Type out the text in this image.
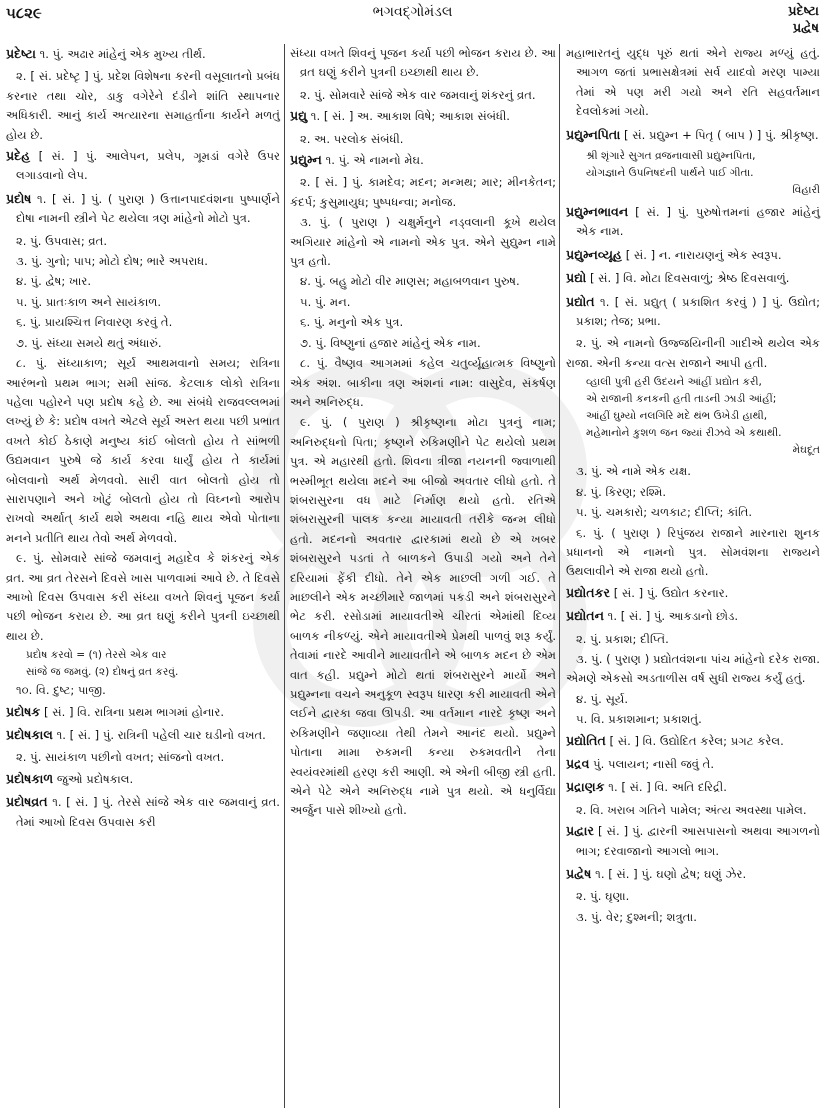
૫૮૨૯	ભગવદ્ગોમંડલ	પ્રદેષ્ટા
પ્રદ્વેષ
પ્રદેષ્ટા ૧. પું. અઢાર માંહેનું એક મુખ્ય તીર્થ.
૨. [ સં. પ્રદેષ્ટૃ ] પું. પ્રદેશ વિશેષના કરની વસૂલાતનો પ્રબંધ કરનાર તથા ચોર, ડાકુ વગેરેને દંડીને શાંતિ સ્થાપનાર અધિકારી. આનું કાર્ય અત્યારના સમાહર્તાના કાર્યને મળતું હોય છે.
પ્રદેહ [ સં. ] પું. આલેપન, પ્રલેપ, ગૂમડાં વગેરે ઉપર લગાડવાનો લેપ.
પ્રદોષ ૧. [ સં. ] પું. ( પુરાણ ) ઉત્તાનપાદવંશના પુષ્પાર્ણને દોષા નામની સ્ત્રીને પેટ થયેલા ત્રણ માંહેનો મોટો પુત્ર.
૨. પું. ઉપવાસ; વ્રત.
૩. પું. ગુનો; પાપ; મોટો દોષ; ભારે અપરાધ.
૪. પું. દ્વેષ; ખાર.
૫. પું. પ્રાતઃકાળ અને સાયંકાળ.
૬. પું. પ્રાયશ્ચિત્ત નિવારણ કરવું તે.
૭. પું. સંધ્યા સમયે થતું અંધારું.
૮. પું. સંધ્યાકાળ; સૂર્ય આથમવાનો સમય; રાત્રિના આરંભનો પ્રથમ ભાગ; સમી સાંજ. કેટલાક લોકો રાત્રિના પહેલા પહોરને પણ પ્રદોષ કહે છે. આ સંબંધે રાજવલ્લભમાં લખ્યું છે કે: પ્રદોષ વખતે એટલે સૂર્ય અસ્ત થયા પછી પ્રભાત વખતે કોઈ ઠેકાણે મનુષ્ય કાંઈ બોલતો હોય તે સાંભળી ઉદ્યમવાન પુરુષે જે કાર્ય કરવા ધાર્યું હોય તે કાર્યમાં બોલવાનો અર્થ મેળવવો. સારી વાત બોલતો હોય તો સારાપણાને અને ખોટું બોલતો હોય તો વિઘ્નનો આરોપ રાખવો અર્થાત્ કાર્ય થશે અથવા નહિ થાય એવો પોતાના મનને પ્રતીતિ થાય તેવો અર્થ મેળવવો.
૯. પું. સોમવારે સાંજે જમવાનું મહાદેવ કે શંકરનું એક વ્રત. આ વ્રત તેરસને દિવસે ખાસ પાળવામાં આવે છે. તે દિવસે આખો દિવસ ઉપવાસ કરી સંધ્યા વખતે શિવનું પૂજન કર્યા પછી ભોજન કરાય છે. આ વ્રત ઘણું કરીને પુત્રની ઇચ્છાથી થાય છે.
પ્રદોષ કરવો = (૧) તેરસે એક વાર
સાંજે જ જમવું. (૨) દોષનું વ્રત કરવું.
૧૦. વિ. દુષ્ટ; પાજી.
પ્રદોષક [ સં. ] વિ. રાત્રિના પ્રથમ ભાગમાં હોનાર.
પ્રદોષકાલ ૧. [ સં. ] પું. રાત્રિની પહેલી ચાર ઘડીનો વખત.
૨. પું. સાયંકાળ પછીનો વખત; સાંજનો વખત.
પ્રદોષકાળ જુઓ પ્રદોષકાલ.
પ્રદોષવ્રત ૧. [ સં. ] પું. તેરસે સાંજે એક વાર જમવાનું વ્રત. તેમાં આખો દિવસ ઉપવાસ કરી
સંધ્યા વખતે શિવનું પૂજન કર્યા પછી ભોજન કરાય છે. આ વ્રત ઘણું કરીને પુત્રની ઇચ્છાથી થાય છે.
૨. પું. સોમવારે સાંજે એક વાર જમવાનું શંકરનું વ્રત.
પ્રદ્યુ ૧. [ સં. ] અ. આકાશ વિષે; આકાશ સંબંધી.
૨. અ. પરલોક સંબંધી.
પ્રદ્યુમ્ન ૧. પું. એ નામનો મેઘ.
૨. [ સં. ] પું. કામદેવ; મદન; મન્મથ; માર; મીનકેતન; કંદર્પ; કુસુમાયુધ; પુષ્પધન્વા; મનોજ.
૩. પું. ( પુરાણ ) ચક્ષુર્મનુને નડ્વલાની કૂખે થયેલ અગિયાર માંહેનો એ નામનો એક પુત્ર. એને સુદ્યુમ્ન નામે પુત્ર હતો.
૪. પું. બહુ મોટો વીર માણસ; મહાબળવાન પુરુષ.
૫. પું. મન.
૬. પું. મનુનો એક પુત્ર.
૭. પું. વિષ્ણુનાં હજાર માંહેનું એક નામ.
૮. પું. વૈષ્ણવ આગમમાં કહેલ ચતુર્વ્યૂહાત્મક વિષ્ણુનો એક અંશ. બાકીના ત્રણ અંશનાં નામ: વાસુદેવ, સંકર્ષણ અને અનિરુદ્ધ.
૯. પું. ( પુરાણ ) શ્રીકૃષ્ણના મોટા પુત્રનું નામ; અનિરુદ્ધનો પિતા; કૃષ્ણને રુકિમણીને પેટ થયેલો પ્રથમ પુત્ર. એ મહારથી હતો. શિવના ત્રીજા નયનની જ્વાળાથી ભસ્મીભૂત થયેલા મદને આ બીજો અવતાર લીધો હતો. તે શંબરાસુરના વધ માટે નિર્માણ થયો હતો. રતિએ શંબરાસુરની પાલક કન્યા માયાવતી તરીકે જન્મ લીધો હતો. મદનનો અવતાર દ્વારકામાં થયો છે એ ખબર શંબરાસુરને પડતાં તે બાળકને ઉપાડી ગયો અને તેને દરિયામાં ફેંકી દીધો. તેને એક માછલી ગળી ગઈ. તે માછલીને એક મચ્છીમારે જાળમાં પકડી અને શંબરાસુરને ભેટ કરી. રસોડામાં માયાવતીએ ચીરતાં એમાંથી દિવ્ય બાળક નીકળ્યું. એને માયાવતીએ પ્રેમથી પાળવું શરૂ કર્યું. તેવામાં નારદે આવીને માયાવતીને એ બાળક મદન છે એમ વાત કહી. પ્રદ્યુમ્ને મોટો થતાં શંબરાસુરને માર્યો અને પ્રદ્યુમ્નના વચને અનુકૂળ સ્વરૂપ ધારણ કરી માયાવતી એને લઈને દ્વારકા જવા ઊપડી. આ વર્તમાન નારદે કૃષ્ણ અને રુકિમણીને જણાવ્યા તેથી તેમને આનંદ થયો. પ્રદ્યુમ્ને પોતાના મામા રુકમની કન્યા રુકમવતીને તેના સ્વયંવરમાંથી હરણ કરી આણી. એ એની બીજી સ્ત્રી હતી. એને પેટે એને અનિરુદ્ધ નામે પુત્ર થયો. એ ધનુર્વિદ્યા અર્જુન પાસે શીખ્યો હતો.
મહાભારતનું યુદ્ધ પૂરું થતાં એને રાજ્ય મળ્યું હતું. આગળ જતાં પ્રભાસક્ષેત્રમાં સર્વ યાદવો મરણ પામ્યા તેમાં એ પણ મરી ગયો અને રતિ સહવર્તમાન દેવલોકમાં ગયો.
પ્રદ્યુમ્નપિતા [ સં. પ્રદ્યુમ્ન + પિતૃ ( બાપ ) ] પું. શ્રીકૃષ્ણ.
શ્રી શૃંગારે સુગત વ્રજનાવાસી પ્રદ્યુમ્નપિતા,
યોગજ્ઞાને ઉપનિષદની પાર્થને પાઈ ગીતા.
વિહારી
પ્રદ્યુમ્નભાવન [ સં. ] પું. પુરુષોત્તમનાં હજાર માંહેનું એક નામ.
પ્રદ્યુમ્નવ્યૂહ [ સં. ] ન. નારાયણનું એક સ્વરૂપ.
પ્રદ્યો [ સં. ] વિ. મોટા દિવસવાળું; શ્રેષ્ઠ દિવસવાળું.
પ્રદ્યોત ૧. [ સં. પ્રદ્યુત્ ( પ્રકાશિત કરવું ) ] પું. ઉદ્યોત; પ્રકાશ; તેજ; પ્રભા.
૨. પું. એ નામનો ઉજ્જયિનીની ગાદીએ થયેલ એક રાજા. એની કન્યા વત્સ રાજાને આપી હતી.
વ્હાલી પુત્રી હરી ઉદયને આંહીં પ્રદ્યોત કરી,
એ રાજાની કનકની હતી તાડની ઝાડી આંહીં;
આંહીં ઘુમ્યો નલગિરિ મદે થંભ ઉખેડી હાથી,
મહેમાનોને કુશળ જન જ્યાં રીઝવે એ કથાથી.
મેઘદૂત
૩. પું. એ નામે એક યક્ષ.
૪. પું. કિરણ; રશ્મિ.
૫. પું. ચમકારો; ચળકાટ; દીપ્તિ; કાંતિ.
૬. પું. ( પુરાણ ) રિપુંજય રાજાને મારનારા શુનક પ્રધાનનો એ નામનો પુત્ર. સોમવંશના રાજ્યને ઉથલાવીને એ રાજા થયો હતો.
પ્રદ્યોતકર [ સં. ] પું. ઉદ્યોત કરનાર.
પ્રદ્યોતન ૧. [ સં. ] પું. આકડાનો છોડ.
૨. પું. પ્રકાશ; દીપ્તિ.
૩. પું. ( પુરાણ ) પ્રદ્યોતવંશના પાંચ માંહેનો દરેક રાજા. એમણે એકસો અડતાળીસ વર્ષ સુધી રાજ્ય કર્યું હતું.
૪. પું. સૂર્ય.
૫. વિ. પ્રકાશમાન; પ્રકાશતું.
પ્રદ્યોતિત [ સં. ] વિ. ઉદ્યોદિત કરેલ; પ્રગટ કરેલ.
પ્રદ્રવ પું. પલાયન; નાસી જવું તે.
પ્રદ્રાણક ૧. [ સં. ] વિ. અતિ દરિદ્રી.
૨. વિ. ખરાબ ગતિને પામેલ; અંત્ય અવસ્થા પામેલ.
પ્રદ્વાર [ સં. ] પું. દ્વારની આસપાસનો અથવા આગળનો ભાગ; દરવાજાનો આગલો ભાગ.
પ્રદ્વેષ ૧. [ સં. ] પું. ઘણો દ્વેષ; ઘણું ઝેર.
૨. પું. ઘૃણા.
૩. પું. વેર; દુશ્મની; શત્રુતા.
